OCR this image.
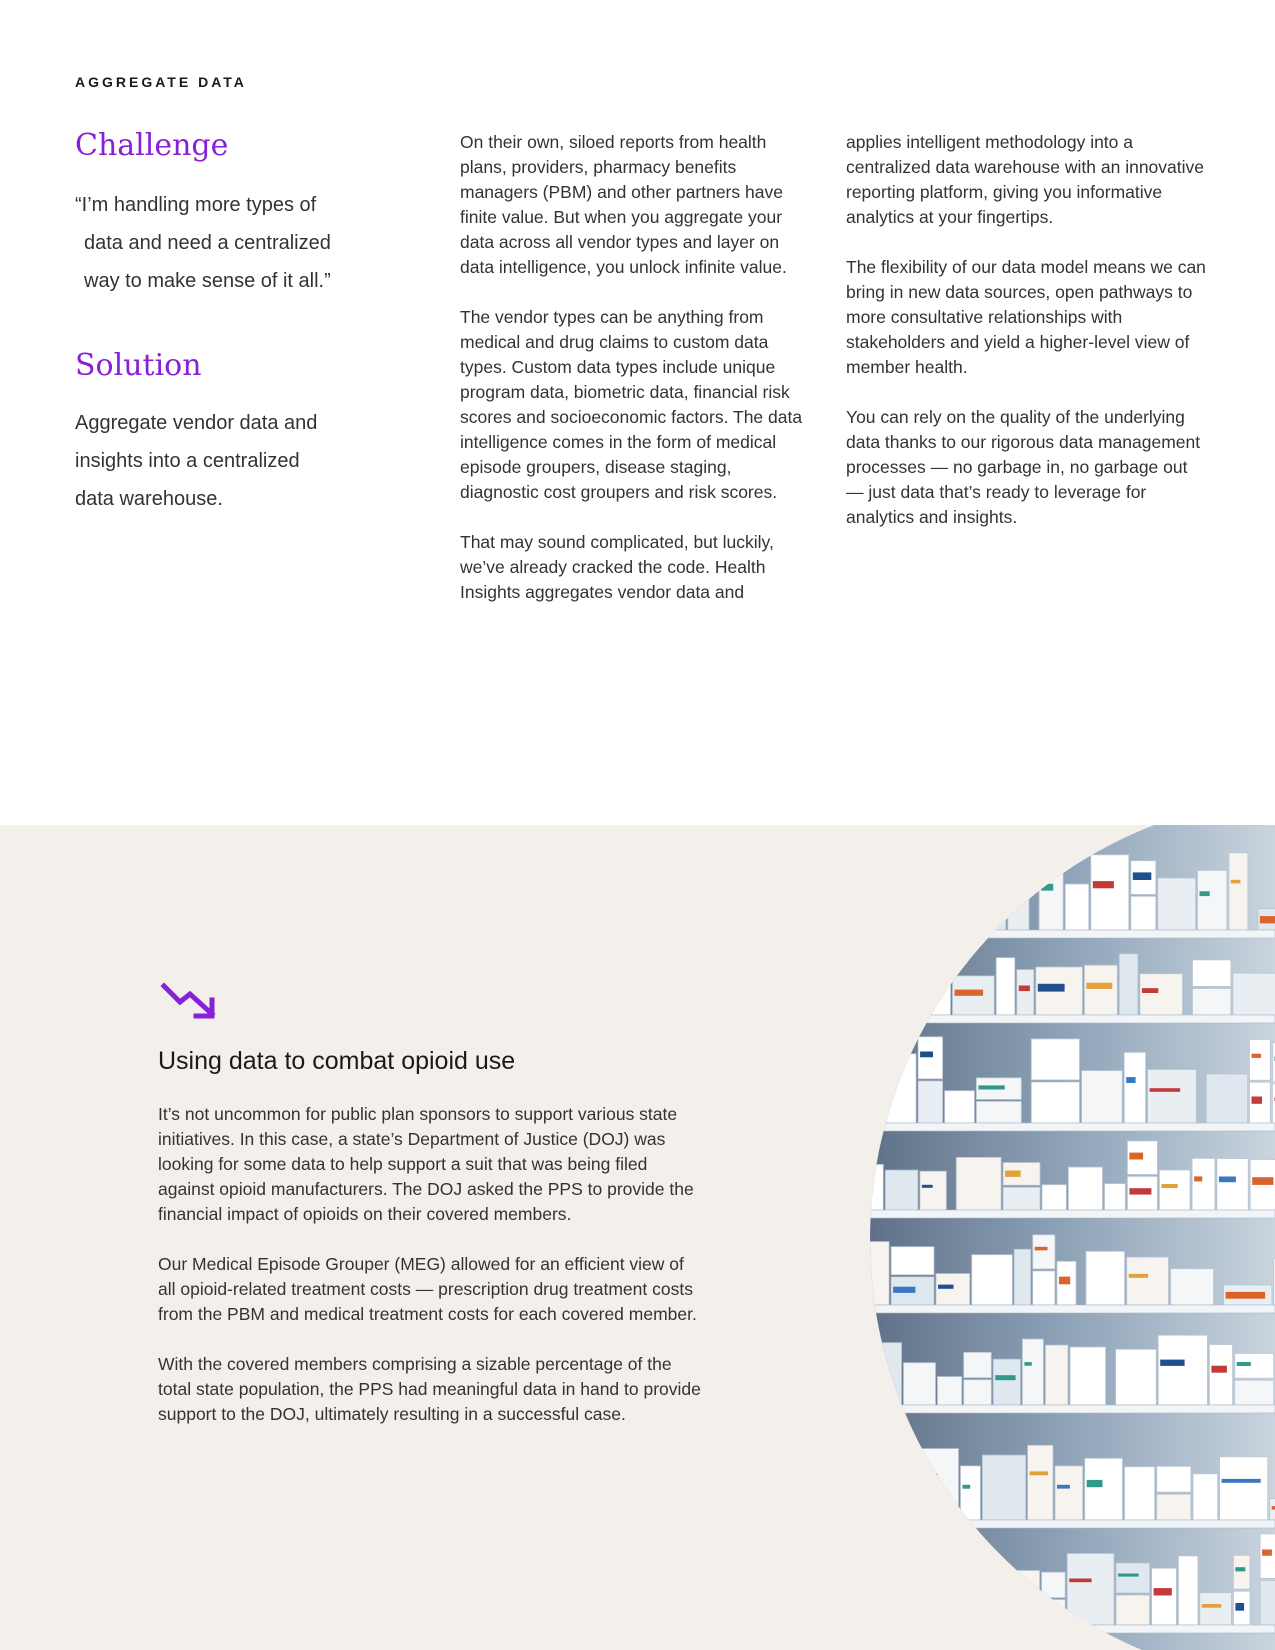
AGGREGATE DATA
Challenge

“I’m handling more types of
data and need a centralized
way to make sense of it all.”

Solution

Aggregate vendor data and
insights into a centralized
data warehouse.

On their own, siloed reports from health plans, providers, pharmacy benefits managers (PBM) and other partners have finite value. But when you aggregate your data across all vendor types and layer on data intelligence, you unlock infinite value.

The vendor types can be anything from medical and drug claims to custom data types. Custom data types include unique program data, biometric data, financial risk scores and socioeconomic factors. The data intelligence comes in the form of medical episode groupers, disease staging, diagnostic cost groupers and risk scores.

That may sound complicated, but luckily, we’ve already cracked the code. Health Insights aggregates vendor data and

applies intelligent methodology into a centralized data warehouse with an innovative reporting platform, giving you informative analytics at your fingertips.

The flexibility of our data model means we can bring in new data sources, open pathways to more consultative relationships with stakeholders and yield a higher-level view of member health.

You can rely on the quality of the underlying data thanks to our rigorous data management processes — no garbage in, no garbage out — just data that’s ready to leverage for analytics and insights.

Using data to combat opioid use

It’s not uncommon for public plan sponsors to support various state initiatives. In this case, a state’s Department of Justice (DOJ) was looking for some data to help support a suit that was being filed against opioid manufacturers. The DOJ asked the PPS to provide the financial impact of opioids on their covered members.

Our Medical Episode Grouper (MEG) allowed for an efficient view of all opioid-related treatment costs — prescription drug treatment costs from the PBM and medical treatment costs for each covered member.

With the covered members comprising a sizable percentage of the total state population, the PPS had meaningful data in hand to provide support to the DOJ, ultimately resulting in a successful case.
